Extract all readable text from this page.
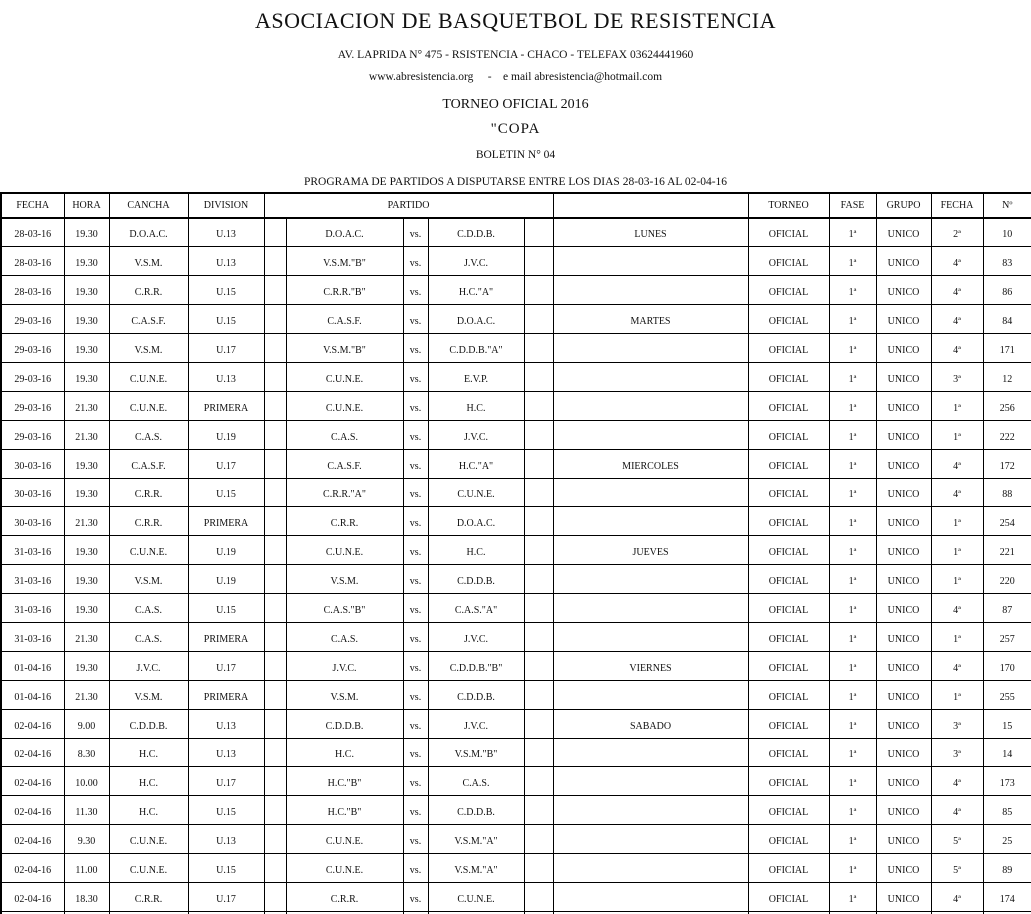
ASOCIACION DE BASQUETBOL DE RESISTENCIA
AV. LAPRIDA N° 475 - RSISTENCIA - CHACO - TELEFAX 03624441960
www.abresistencia.org     -    e mail abresistencia@hotmail.com
TORNEO OFICIAL 2016
"COPA
BOLETIN N° 04
PROGRAMA DE PARTIDOS A DISPUTARSE ENTRE LOS DIAS 28-03-16 AL 02-04-16
FECHA	HORA	CANCHA	DIVISION	PARTIDO						TORNEO	FASE	GRUPO	FECHA	Nº
28-03-16	19.30	D.O.A.C.	U.13		D.O.A.C.	vs.	C.D.D.B.		LUNES	OFICIAL	1ª	UNICO	2ª	10
28-03-16	19.30	V.S.M.	U.13		V.S.M."B"	vs.	J.V.C.			OFICIAL	1ª	UNICO	4ª	83
28-03-16	19.30	C.R.R.	U.15		C.R.R."B"	vs.	H.C."A"			OFICIAL	1ª	UNICO	4ª	86
29-03-16	19.30	C.A.S.F.	U.15		C.A.S.F.	vs.	D.O.A.C.		MARTES	OFICIAL	1ª	UNICO	4ª	84
29-03-16	19.30	V.S.M.	U.17		V.S.M."B"	vs.	C.D.D.B."A"			OFICIAL	1ª	UNICO	4ª	171
29-03-16	19.30	C.U.N.E.	U.13		C.U.N.E.	vs.	E.V.P.			OFICIAL	1ª	UNICO	3ª	12
29-03-16	21.30	C.U.N.E.	PRIMERA		C.U.N.E.	vs.	H.C.			OFICIAL	1ª	UNICO	1ª	256
29-03-16	21.30	C.A.S.	U.19		C.A.S.	vs.	J.V.C.			OFICIAL	1ª	UNICO	1ª	222
30-03-16	19.30	C.A.S.F.	U.17		C.A.S.F.	vs.	H.C."A"		MIERCOLES	OFICIAL	1ª	UNICO	4ª	172
30-03-16	19.30	C.R.R.	U.15		C.R.R."A"	vs.	C.U.N.E.			OFICIAL	1ª	UNICO	4ª	88
30-03-16	21.30	C.R.R.	PRIMERA		C.R.R.	vs.	D.O.A.C.			OFICIAL	1ª	UNICO	1ª	254
31-03-16	19.30	C.U.N.E.	U.19		C.U.N.E.	vs.	H.C.		JUEVES	OFICIAL	1ª	UNICO	1ª	221
31-03-16	19.30	V.S.M.	U.19		V.S.M.	vs.	C.D.D.B.			OFICIAL	1ª	UNICO	1ª	220
31-03-16	19.30	C.A.S.	U.15		C.A.S."B"	vs.	C.A.S."A"			OFICIAL	1ª	UNICO	4ª	87
31-03-16	21.30	C.A.S.	PRIMERA		C.A.S.	vs.	J.V.C.			OFICIAL	1ª	UNICO	1ª	257
01-04-16	19.30	J.V.C.	U.17		J.V.C.	vs.	C.D.D.B."B"		VIERNES	OFICIAL	1ª	UNICO	4ª	170
01-04-16	21.30	V.S.M.	PRIMERA		V.S.M.	vs.	C.D.D.B.			OFICIAL	1ª	UNICO	1ª	255
02-04-16	9.00	C.D.D.B.	U.13		C.D.D.B.	vs.	J.V.C.		SABADO	OFICIAL	1ª	UNICO	3ª	15
02-04-16	8.30	H.C.	U.13		H.C.	vs.	V.S.M."B"			OFICIAL	1ª	UNICO	3ª	14
02-04-16	10.00	H.C.	U.17		H.C."B"	vs.	C.A.S.			OFICIAL	1ª	UNICO	4ª	173
02-04-16	11.30	H.C.	U.15		H.C."B"	vs.	C.D.D.B.			OFICIAL	1ª	UNICO	4ª	85
02-04-16	9.30	C.U.N.E.	U.13		C.U.N.E.	vs.	V.S.M."A"			OFICIAL	1ª	UNICO	5ª	25
02-04-16	11.00	C.U.N.E.	U.15		C.U.N.E.	vs.	V.S.M."A"			OFICIAL	1ª	UNICO	5ª	89
02-04-16	18.30	C.R.R.	U.17		C.R.R.	vs.	C.U.N.E.			OFICIAL	1ª	UNICO	4ª	174
